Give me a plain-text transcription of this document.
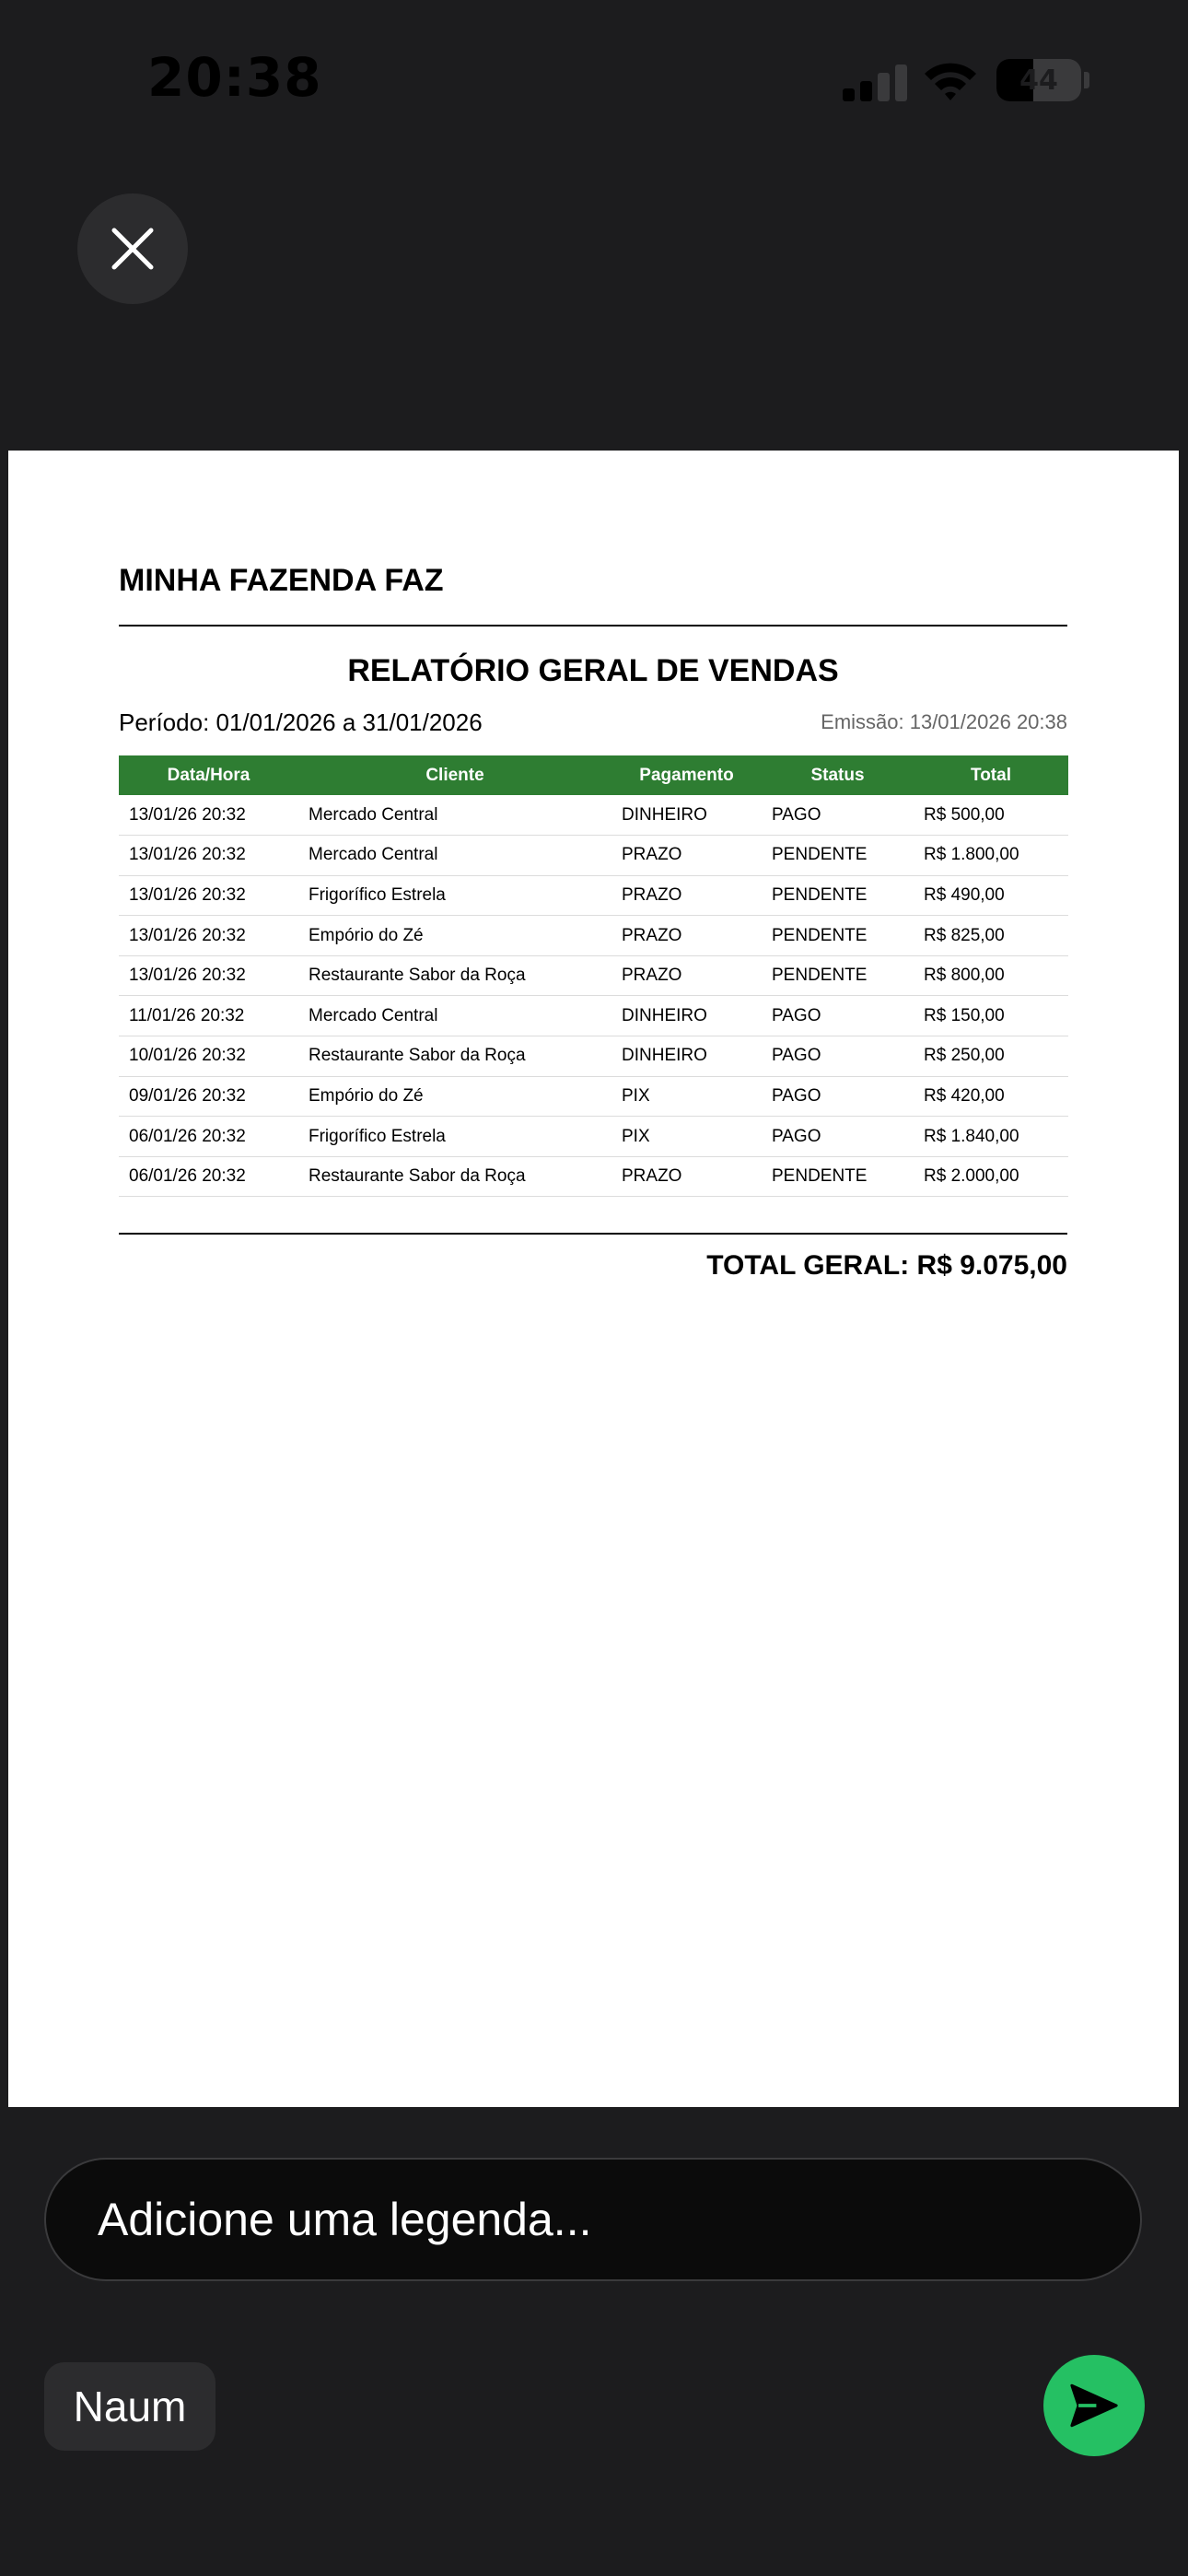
20:38	44
MINHA FAZENDA FAZ
RELATÓRIO GERAL DE VENDAS
Período: 01/01/2026 a 31/01/2026	Emissão: 13/01/2026 20:38
Data/Hora	Cliente	Pagamento	Status	Total
13/01/26 20:32	Mercado Central	DINHEIRO	PAGO	R$ 500,00
13/01/26 20:32	Mercado Central	PRAZO	PENDENTE	R$ 1.800,00
13/01/26 20:32	Frigorífico Estrela	PRAZO	PENDENTE	R$ 490,00
13/01/26 20:32	Empório do Zé	PRAZO	PENDENTE	R$ 825,00
13/01/26 20:32	Restaurante Sabor da Roça	PRAZO	PENDENTE	R$ 800,00
11/01/26 20:32	Mercado Central	DINHEIRO	PAGO	R$ 150,00
10/01/26 20:32	Restaurante Sabor da Roça	DINHEIRO	PAGO	R$ 250,00
09/01/26 20:32	Empório do Zé	PIX	PAGO	R$ 420,00
06/01/26 20:32	Frigorífico Estrela	PIX	PAGO	R$ 1.840,00
06/01/26 20:32	Restaurante Sabor da Roça	PRAZO	PENDENTE	R$ 2.000,00
TOTAL GERAL: R$ 9.075,00
Adicione uma legenda...
Naum
